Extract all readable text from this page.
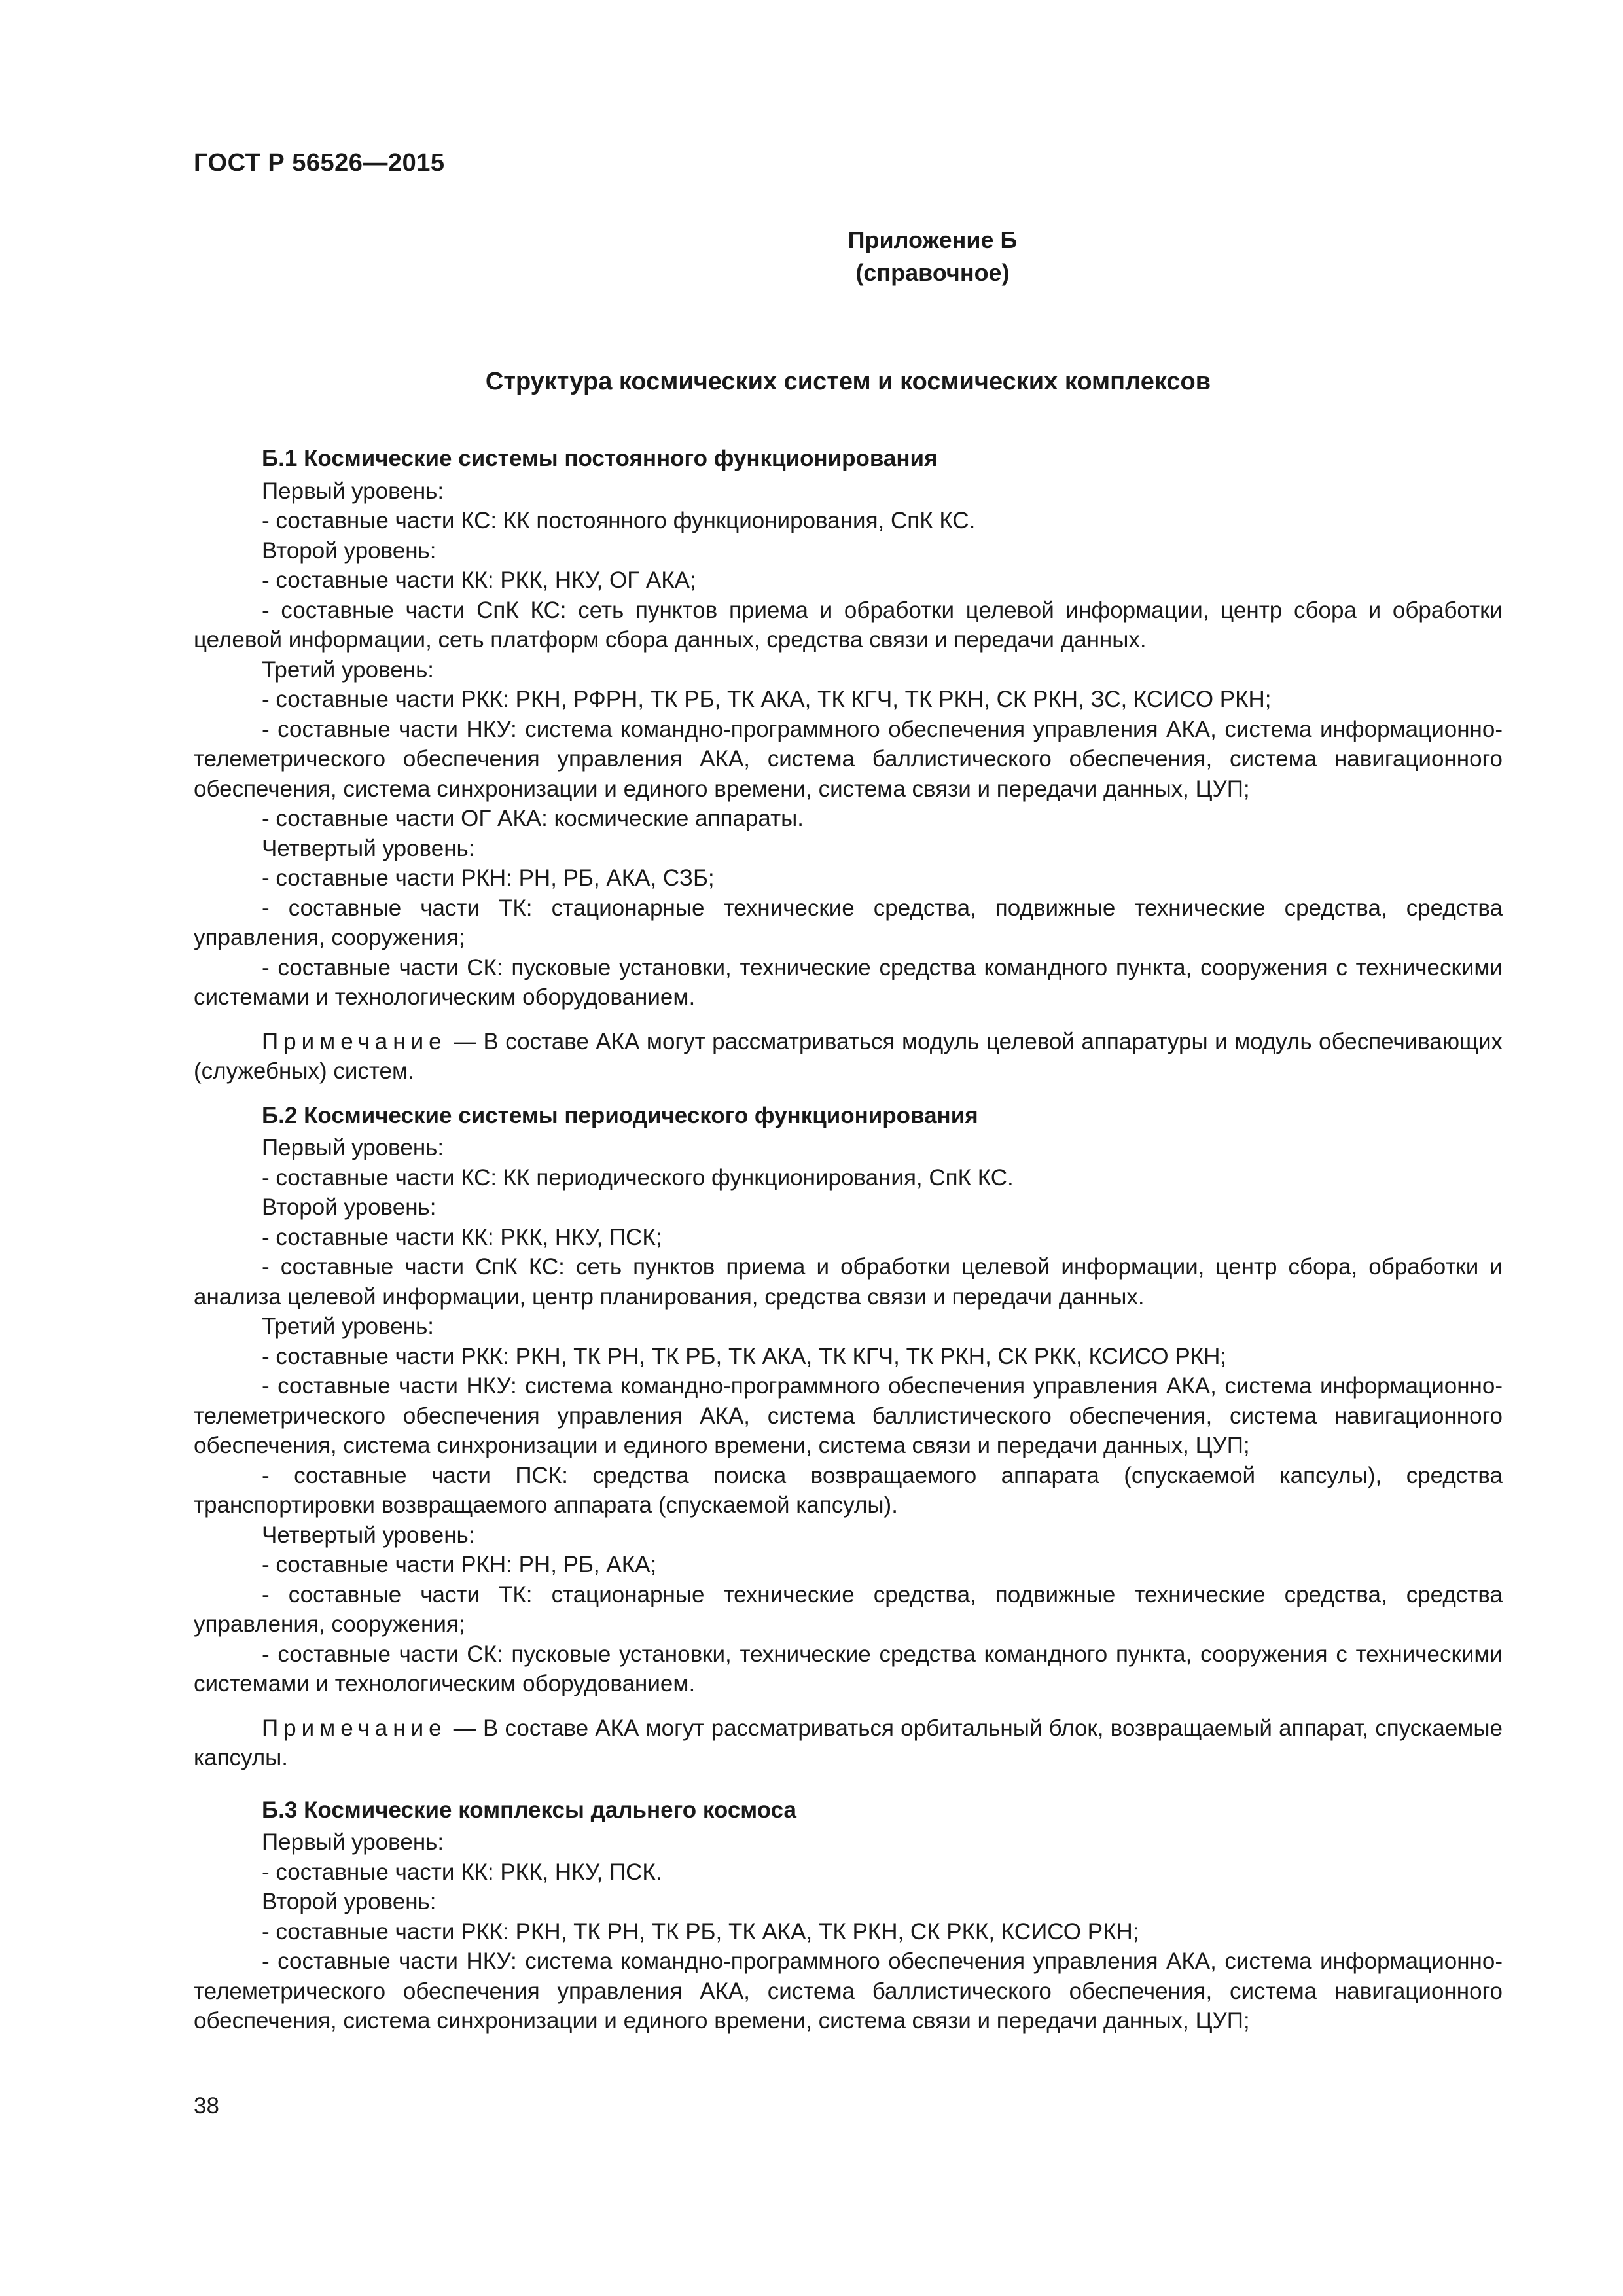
ГОСТ Р 56526—2015
Приложение Б
(справочное)
Структура космических систем и космических комплексов
Б.1 Космические системы постоянного функционирования

Первый уровень:

- составные части КС: КК постоянного функционирования, СпК КС.

Второй уровень:

- составные части КК: РКК, НКУ, ОГ АКА;

- составные части СпК КС: сеть пунктов приема и обработки целевой информации, центр сбора и обработки целевой информации, сеть платформ сбора данных, средства связи и передачи данных.

Третий уровень:

- составные части РКК: РКН, РФРН, ТК РБ, ТК АКА, ТК КГЧ, ТК РКН, СК РКН, ЗС, КСИСО РКН;

- составные части НКУ: система командно-программного обеспечения управления АКА, система информационно-телеметрического обеспечения управления АКА, система баллистического обеспечения, система навигационного обеспечения, система синхронизации и единого времени, система связи и передачи данных, ЦУП;

- составные части ОГ АКА: космические аппараты.

Четвертый уровень:

- составные части РКН: РН, РБ, АКА, СЗБ;

- составные части ТК: стационарные технические средства, подвижные технические средства, средства управления, сооружения;

- составные части СК: пусковые установки, технические средства командного пункта, сооружения с техническими системами и технологическим оборудованием.

Примечание — В составе АКА могут рассматриваться модуль целевой аппаратуры и модуль обеспечивающих (служебных) систем.

Б.2 Космические системы периодического функционирования

Первый уровень:

- составные части КС: КК периодического функционирования, СпК КС.

Второй уровень:

- составные части КК: РКК, НКУ, ПСК;

- составные части СпК КС: сеть пунктов приема и обработки целевой информации, центр сбора, обработки и анализа целевой информации, центр планирования, средства связи и передачи данных.

Третий уровень:

- составные части РКК: РКН, ТК РН, ТК РБ, ТК АКА, ТК КГЧ, ТК РКН, СК РКК, КСИСО РКН;

- составные части НКУ: система командно-программного обеспечения управления АКА, система информационно-телеметрического обеспечения управления АКА, система баллистического обеспечения, система навигационного обеспечения, система синхронизации и единого времени, система связи и передачи данных, ЦУП;

- составные части ПСК: средства поиска возвращаемого аппарата (спускаемой капсулы), средства транспортировки возвращаемого аппарата (спускаемой капсулы).

Четвертый уровень:

- составные части РКН: РН, РБ, АКА;

- составные части ТК: стационарные технические средства, подвижные технические средства, средства управления, сооружения;

- составные части СК: пусковые установки, технические средства командного пункта, сооружения с техническими системами и технологическим оборудованием.

Примечание — В составе АКА могут рассматриваться орбитальный блок, возвращаемый аппарат, спускаемые капсулы.

Б.3 Космические комплексы дальнего космоса

Первый уровень:

- составные части КК: РКК, НКУ, ПСК.

Второй уровень:

- составные части РКК: РКН, ТК РН, ТК РБ, ТК АКА, ТК РКН, СК РКК, КСИСО РКН;

- составные части НКУ: система командно-программного обеспечения управления АКА, система информационно-телеметрического обеспечения управления АКА, система баллистического обеспечения, система навигационного обеспечения, система синхронизации и единого времени, система связи и передачи данных, ЦУП;

38
